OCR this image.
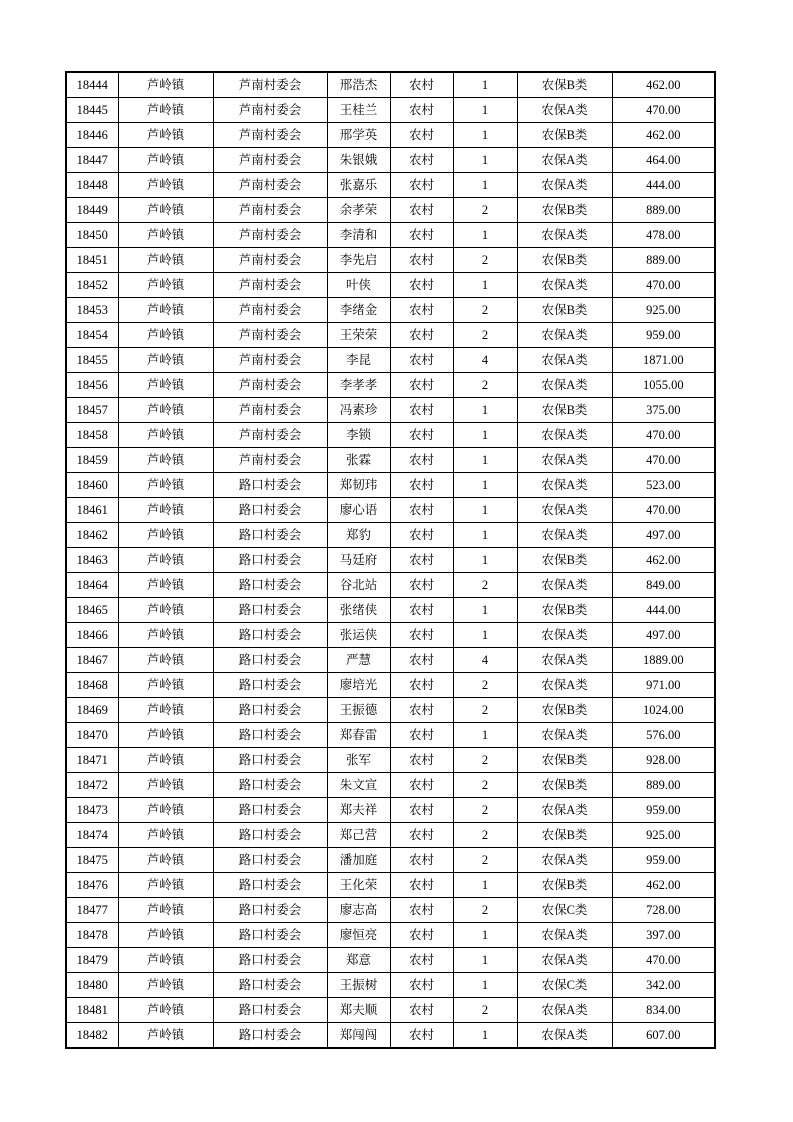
18444	芦岭镇	芦南村委会	邢浩杰	农村	1	农保B类	462.00
18445	芦岭镇	芦南村委会	王桂兰	农村	1	农保A类	470.00
18446	芦岭镇	芦南村委会	邢学英	农村	1	农保B类	462.00
18447	芦岭镇	芦南村委会	朱银娥	农村	1	农保A类	464.00
18448	芦岭镇	芦南村委会	张嘉乐	农村	1	农保A类	444.00
18449	芦岭镇	芦南村委会	余孝荣	农村	2	农保B类	889.00
18450	芦岭镇	芦南村委会	李清和	农村	1	农保A类	478.00
18451	芦岭镇	芦南村委会	李先启	农村	2	农保B类	889.00
18452	芦岭镇	芦南村委会	叶侠	农村	1	农保A类	470.00
18453	芦岭镇	芦南村委会	李绪金	农村	2	农保B类	925.00
18454	芦岭镇	芦南村委会	王荣荣	农村	2	农保A类	959.00
18455	芦岭镇	芦南村委会	李昆	农村	4	农保A类	1871.00
18456	芦岭镇	芦南村委会	李孝孝	农村	2	农保A类	1055.00
18457	芦岭镇	芦南村委会	冯素珍	农村	1	农保B类	375.00
18458	芦岭镇	芦南村委会	李锁	农村	1	农保A类	470.00
18459	芦岭镇	芦南村委会	张霖	农村	1	农保A类	470.00
18460	芦岭镇	路口村委会	郑韧玮	农村	1	农保A类	523.00
18461	芦岭镇	路口村委会	廖心语	农村	1	农保A类	470.00
18462	芦岭镇	路口村委会	郑豹	农村	1	农保A类	497.00
18463	芦岭镇	路口村委会	马廷府	农村	1	农保B类	462.00
18464	芦岭镇	路口村委会	谷北站	农村	2	农保A类	849.00
18465	芦岭镇	路口村委会	张绪侠	农村	1	农保B类	444.00
18466	芦岭镇	路口村委会	张运侠	农村	1	农保A类	497.00
18467	芦岭镇	路口村委会	严慧	农村	4	农保A类	1889.00
18468	芦岭镇	路口村委会	廖培光	农村	2	农保A类	971.00
18469	芦岭镇	路口村委会	王振德	农村	2	农保B类	1024.00
18470	芦岭镇	路口村委会	郑春雷	农村	1	农保A类	576.00
18471	芦岭镇	路口村委会	张军	农村	2	农保B类	928.00
18472	芦岭镇	路口村委会	朱文宣	农村	2	农保B类	889.00
18473	芦岭镇	路口村委会	郑夫祥	农村	2	农保A类	959.00
18474	芦岭镇	路口村委会	郑己营	农村	2	农保B类	925.00
18475	芦岭镇	路口村委会	潘加庭	农村	2	农保A类	959.00
18476	芦岭镇	路口村委会	王化荣	农村	1	农保B类	462.00
18477	芦岭镇	路口村委会	廖志高	农村	2	农保C类	728.00
18478	芦岭镇	路口村委会	廖恒亮	农村	1	农保A类	397.00
18479	芦岭镇	路口村委会	郑意	农村	1	农保A类	470.00
18480	芦岭镇	路口村委会	王振树	农村	1	农保C类	342.00
18481	芦岭镇	路口村委会	郑夫顺	农村	2	农保A类	834.00
18482	芦岭镇	路口村委会	郑闯闯	农村	1	农保A类	607.00
